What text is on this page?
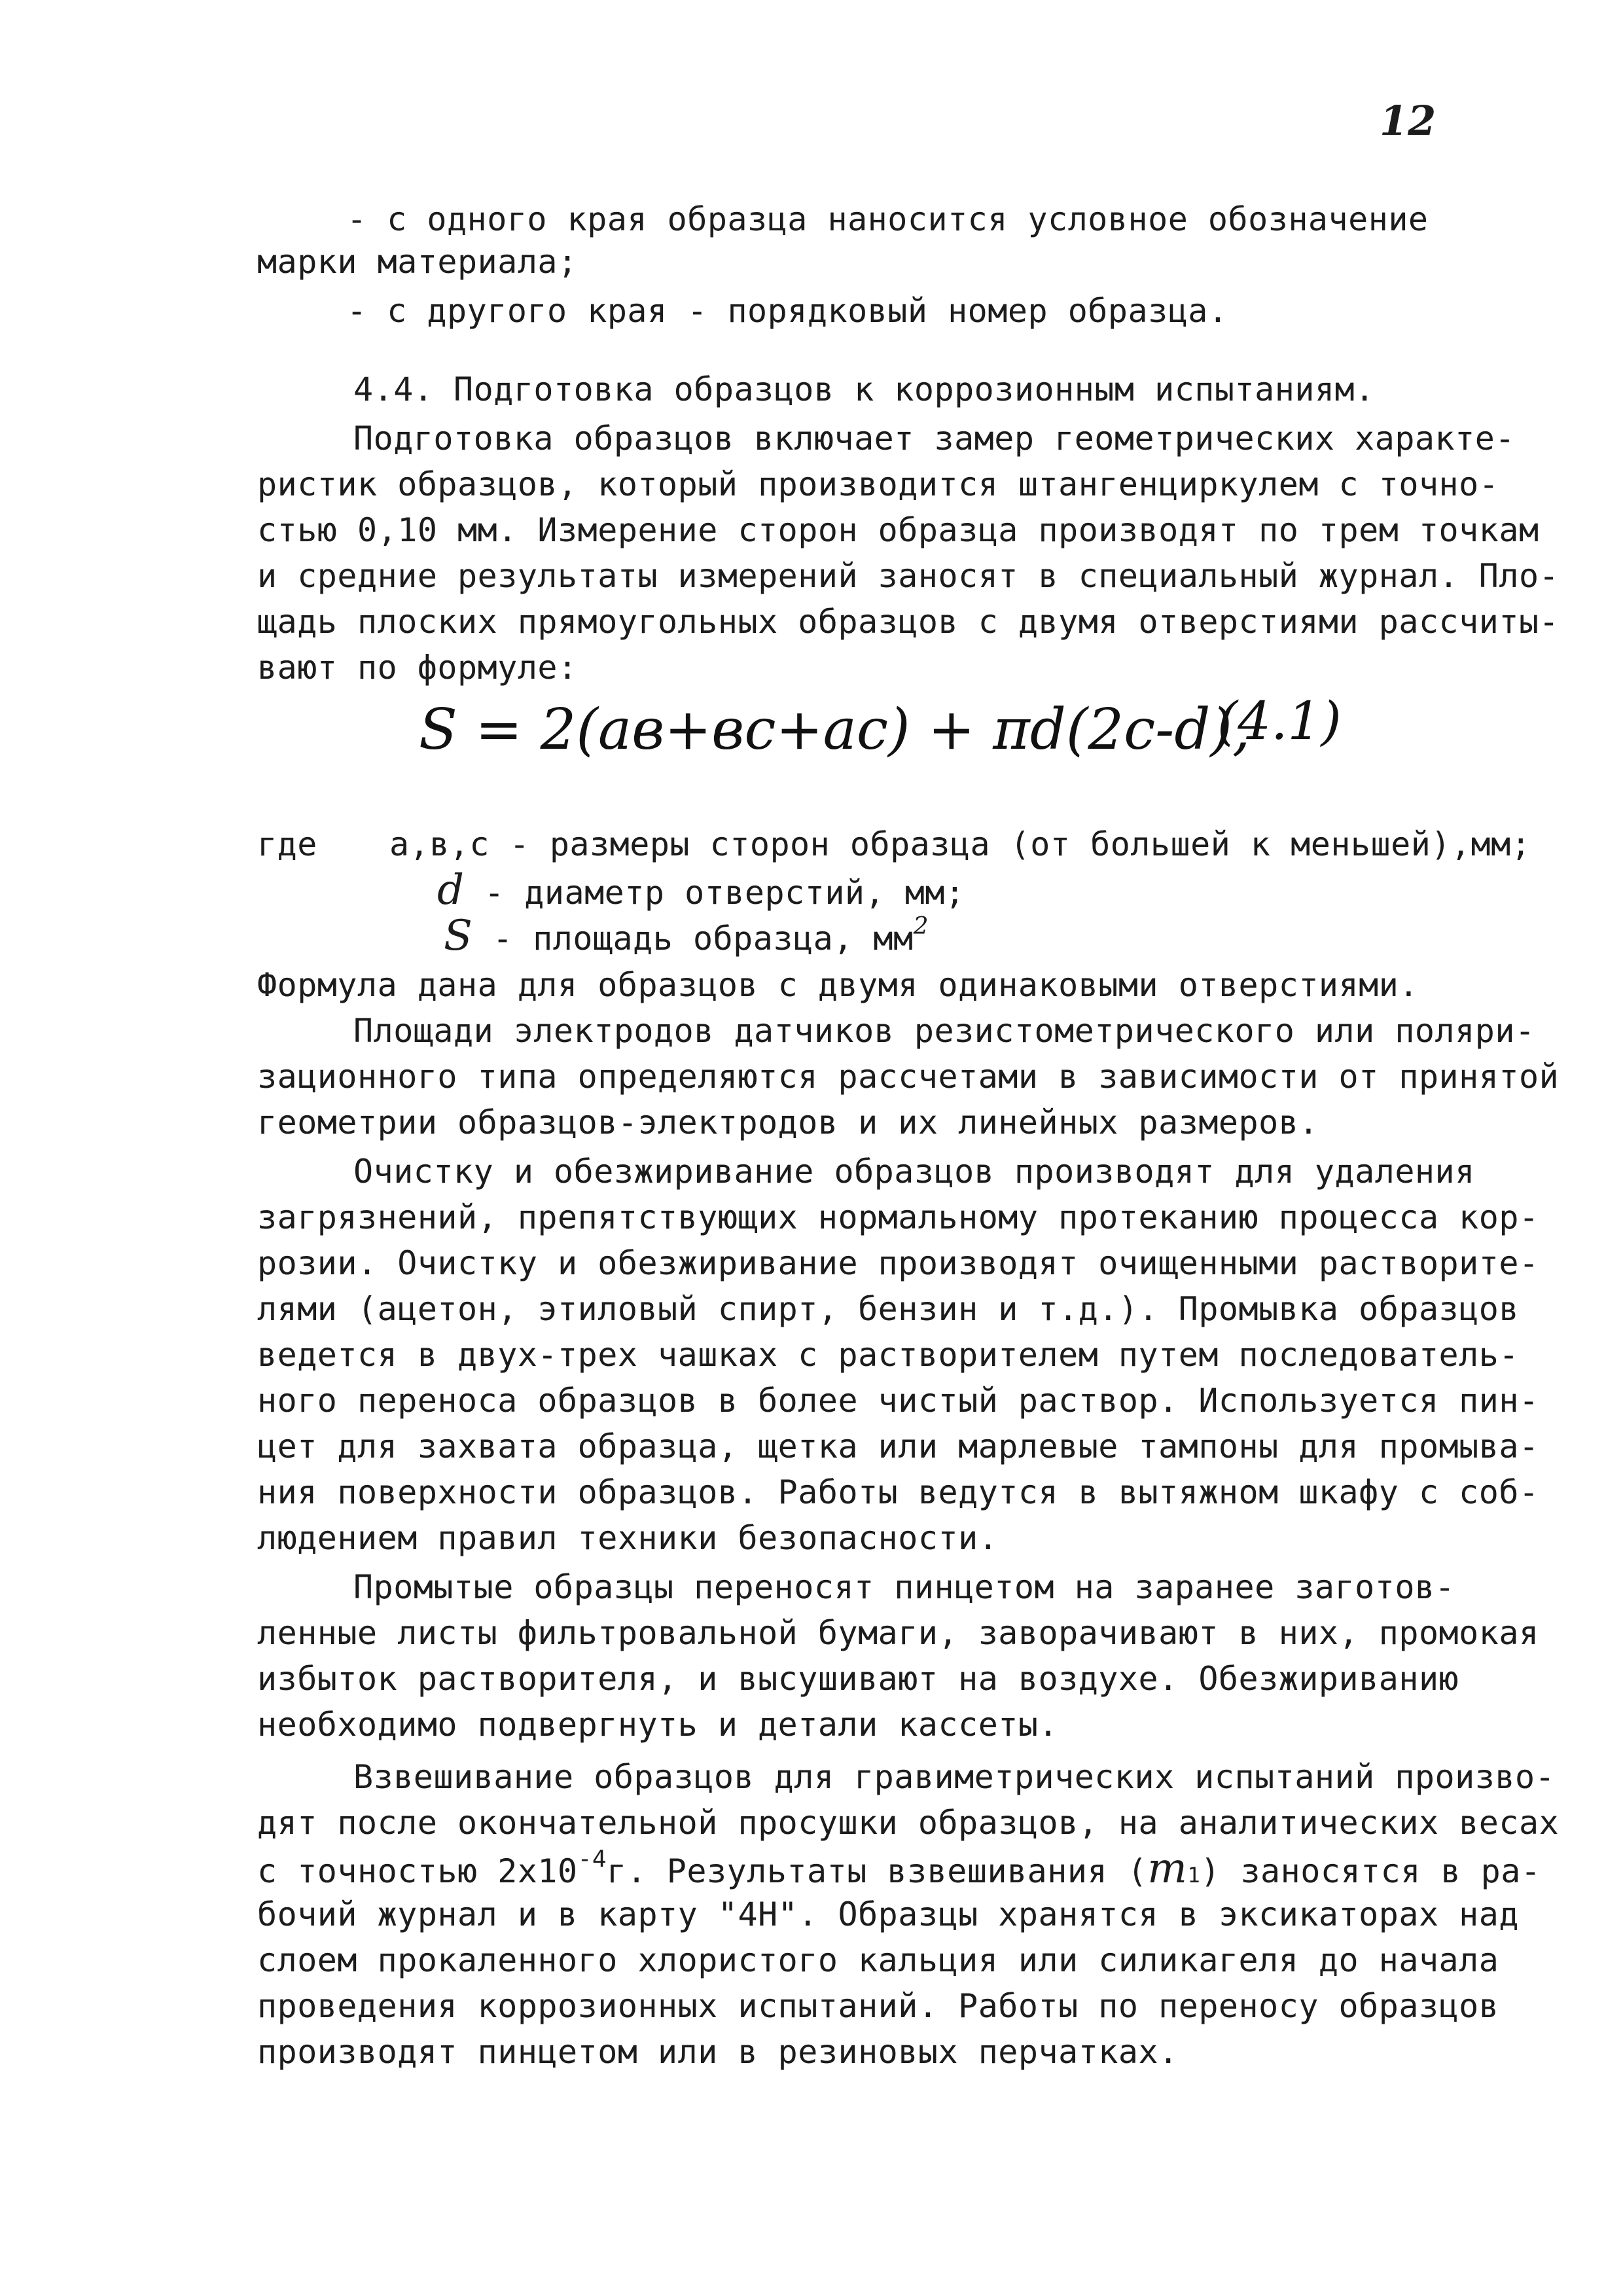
12
- с одного края образца наносится условное обозначение
марки материала;
- с другого края - порядковый номер образца.
4.4. Подготовка образцов к коррозионным испытаниям.
Подготовка образцов включает замер геометрических характе-
ристик образцов, который производится штангенциркулем с точно-
стью 0,10 мм. Измерение сторон образца производят по трем точкам
и средние результаты измерений заносят в специальный журнал. Пло-
щадь плоских прямоугольных образцов с двумя отверстиями рассчиты-
вают по формуле:
S = 2(aв+вc+ac) + πd(2c-d),
(4.1)
где а,в,с - размеры сторон образца (от большей к меньшей),мм;
d - диаметр отверстий, мм;
S - площадь образца, $мм^2$
Формула дана для образцов с двумя одинаковыми отверстиями.
Площади электродов датчиков резистометрического или поляри-
зационного типа определяются рассчетами в зависимости от принятой
геометрии образцов-электродов и их линейных размеров.
Очистку и обезжиривание образцов производят для удаления
загрязнений, препятствующих нормальному протеканию процесса кор-
розии. Очистку и обезжиривание производят очищенными растворите-
лями (ацетон, этиловый спирт, бензин и т.д.). Промывка образцов
ведется в двух-трех чашках с растворителем путем последователь-
ного переноса образцов в более чистый раствор. Используется пин-
цет для захвата образца, щетка или марлевые тампоны для промыва-
ния поверхности образцов. Работы ведутся в вытяжном шкафу с соб-
людением правил техники безопасности.
Промытые образцы переносят пинцетом на заранее заготов-
ленные листы фильтровальной бумаги, заворачивают в них, промокая
избыток растворителя, и высушивают на воздухе. Обезжириванию
необходимо подвергнуть и детали кассеты.
Взвешивание образцов для гравиметрических испытаний произво-
дят после окончательной просушки образцов, на аналитических весах
с точностью $2х10^{-4}г$. Результаты взвешивания (m1) заносятся в ра-
бочий журнал и в карту "4Н". Образцы хранятся в эксикаторах над
слоем прокаленного хлористого кальция или силикагеля до начала
проведения коррозионных испытаний. Работы по переносу образцов
производят пинцетом или в резиновых перчатках.
